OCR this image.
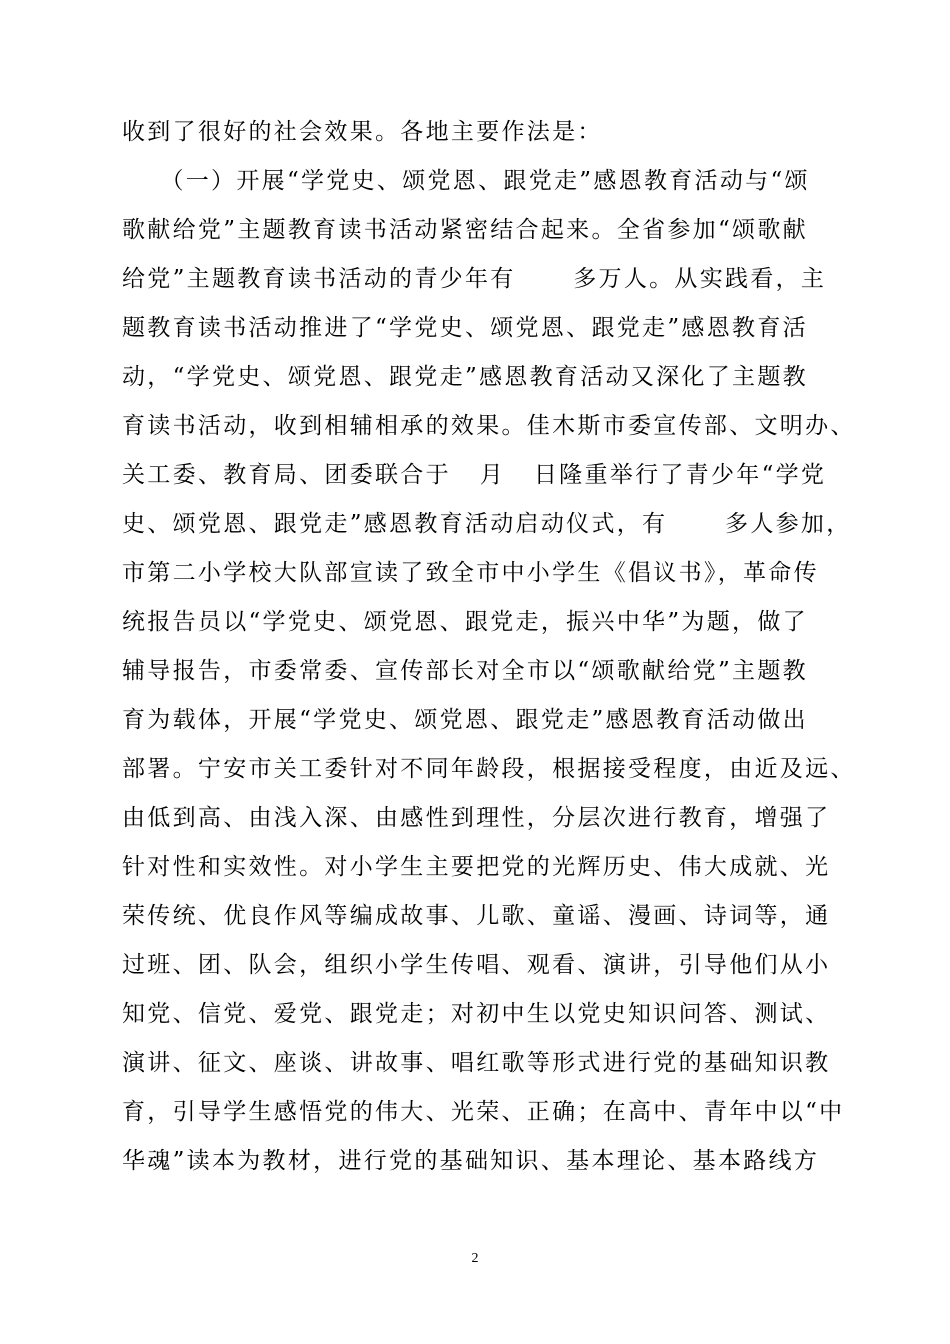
收到了很好的社会效果。各地主要作法是：
（一）开展“学党史、颂党恩、跟党走”感恩教育活动与“颂
歌献给党”主题教育读书活动紧密结合起来。全省参加“颂歌献
给党”主题教育读书活动的青少年有      多万人。从实践看，主
题教育读书活动推进了“学党史、颂党恩、跟党走”感恩教育活
动，“学党史、颂党恩、跟党走”感恩教育活动又深化了主题教
育读书活动，收到相辅相承的效果。佳木斯市委宣传部、文明办、
关工委、教育局、团委联合于   月   日隆重举行了青少年“学党
史、颂党恩、跟党走”感恩教育活动启动仪式，有      多人参加，
市第二小学校大队部宣读了致全市中小学生《倡议书》，革命传
统报告员以“学党史、颂党恩、跟党走，振兴中华”为题，做了
辅导报告，市委常委、宣传部长对全市以“颂歌献给党”主题教
育为载体，开展“学党史、颂党恩、跟党走”感恩教育活动做出
部署。宁安市关工委针对不同年龄段，根据接受程度，由近及远、
由低到高、由浅入深、由感性到理性，分层次进行教育，增强了
针对性和实效性。对小学生主要把党的光辉历史、伟大成就、光
荣传统、优良作风等编成故事、儿歌、童谣、漫画、诗词等，通
过班、团、队会，组织小学生传唱、观看、演讲，引导他们从小
知党、信党、爱党、跟党走；对初中生以党史知识问答、测试、
演讲、征文、座谈、讲故事、唱红歌等形式进行党的基础知识教
育，引导学生感悟党的伟大、光荣、正确；在高中、青年中以“中
华魂”读本为教材，进行党的基础知识、基本理论、基本路线方
2
